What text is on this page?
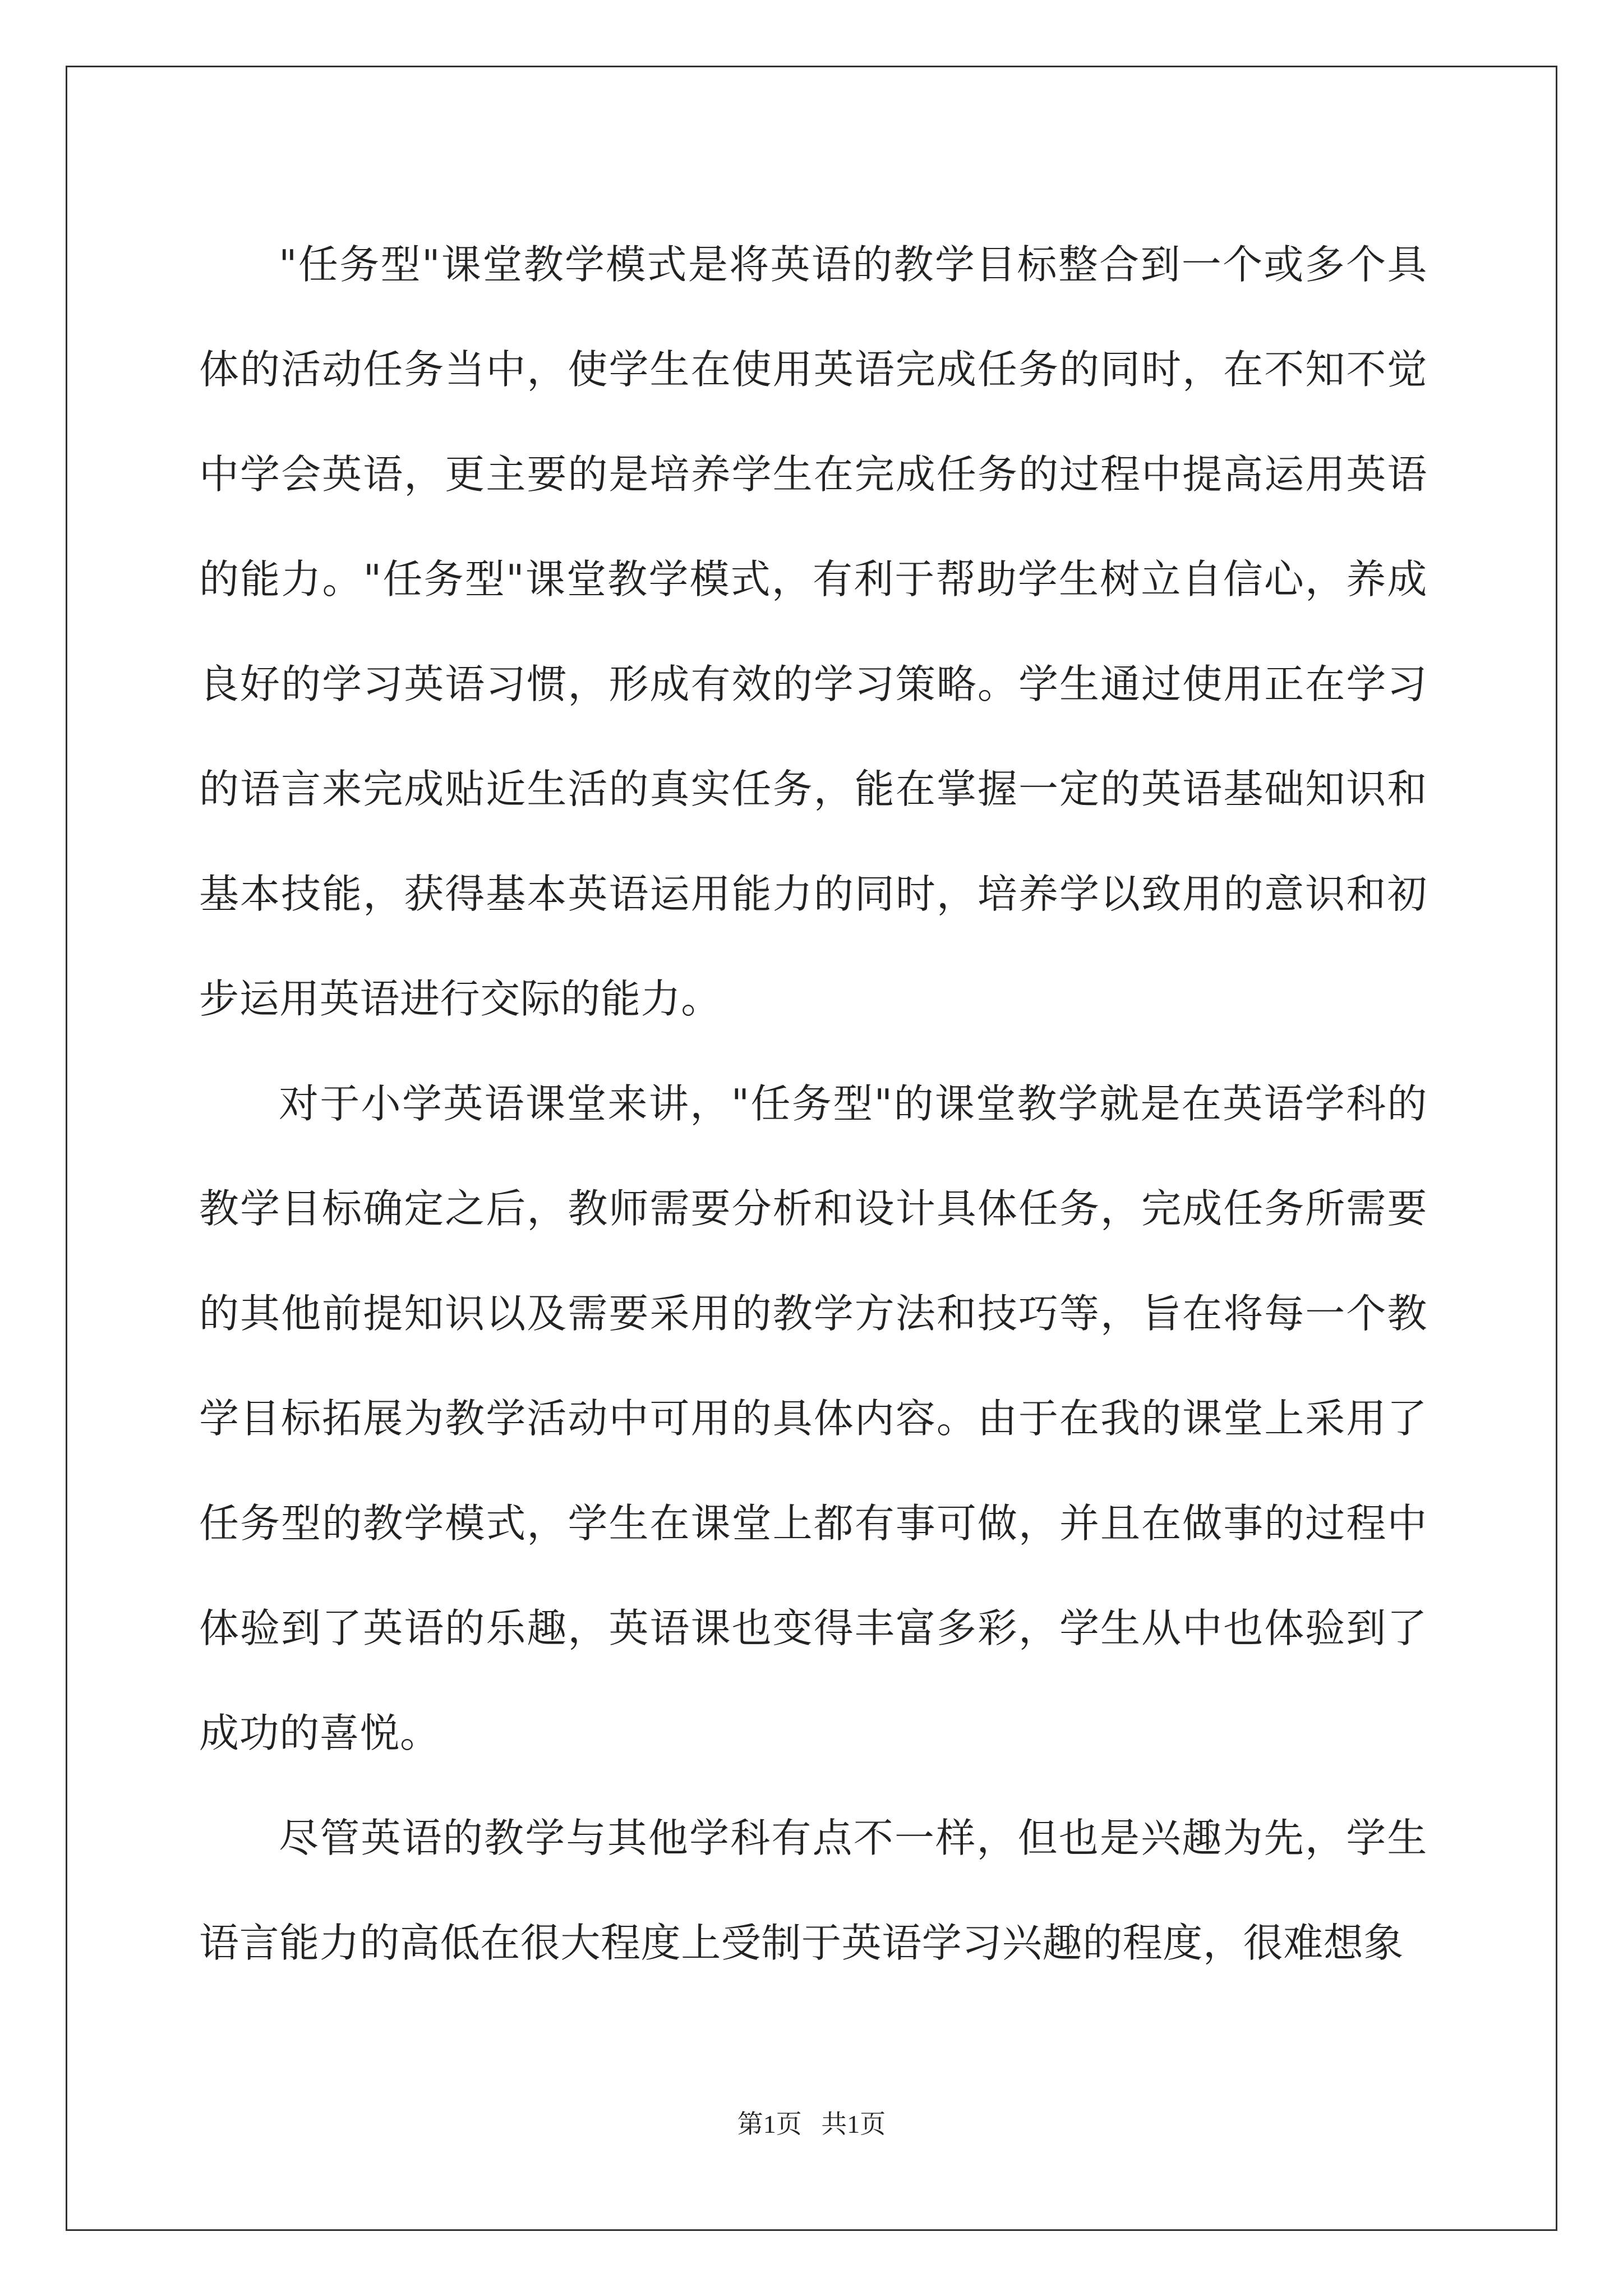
"任务型"课堂教学模式是将英语的教学目标整合到一个或多个具体的活动任务当中，使学生在使用英语完成任务的同时，在不知不觉中学会英语，更主要的是培养学生在完成任务的过程中提高运用英语的能力。"任务型"课堂教学模式，有利于帮助学生树立自信心，养成良好的学习英语习惯，形成有效的学习策略。学生通过使用正在学习的语言来完成贴近生活的真实任务，能在掌握一定的英语基础知识和基本技能，获得基本英语运用能力的同时，培养学以致用的意识和初步运用英语进行交际的能力。

对于小学英语课堂来讲，"任务型"的课堂教学就是在英语学科的教学目标确定之后，教师需要分析和设计具体任务，完成任务所需要的其他前提知识以及需要采用的教学方法和技巧等，旨在将每一个教学目标拓展为教学活动中可用的具体内容。由于在我的课堂上采用了任务型的教学模式，学生在课堂上都有事可做，并且在做事的过程中体验到了英语的乐趣，英语课也变得丰富多彩，学生从中也体验到了成功的喜悦。

尽管英语的教学与其他学科有点不一样，但也是兴趣为先，学生语言能力的高低在很大程度上受制于英语学习兴趣的程度，很难想象

第1页   共1页
